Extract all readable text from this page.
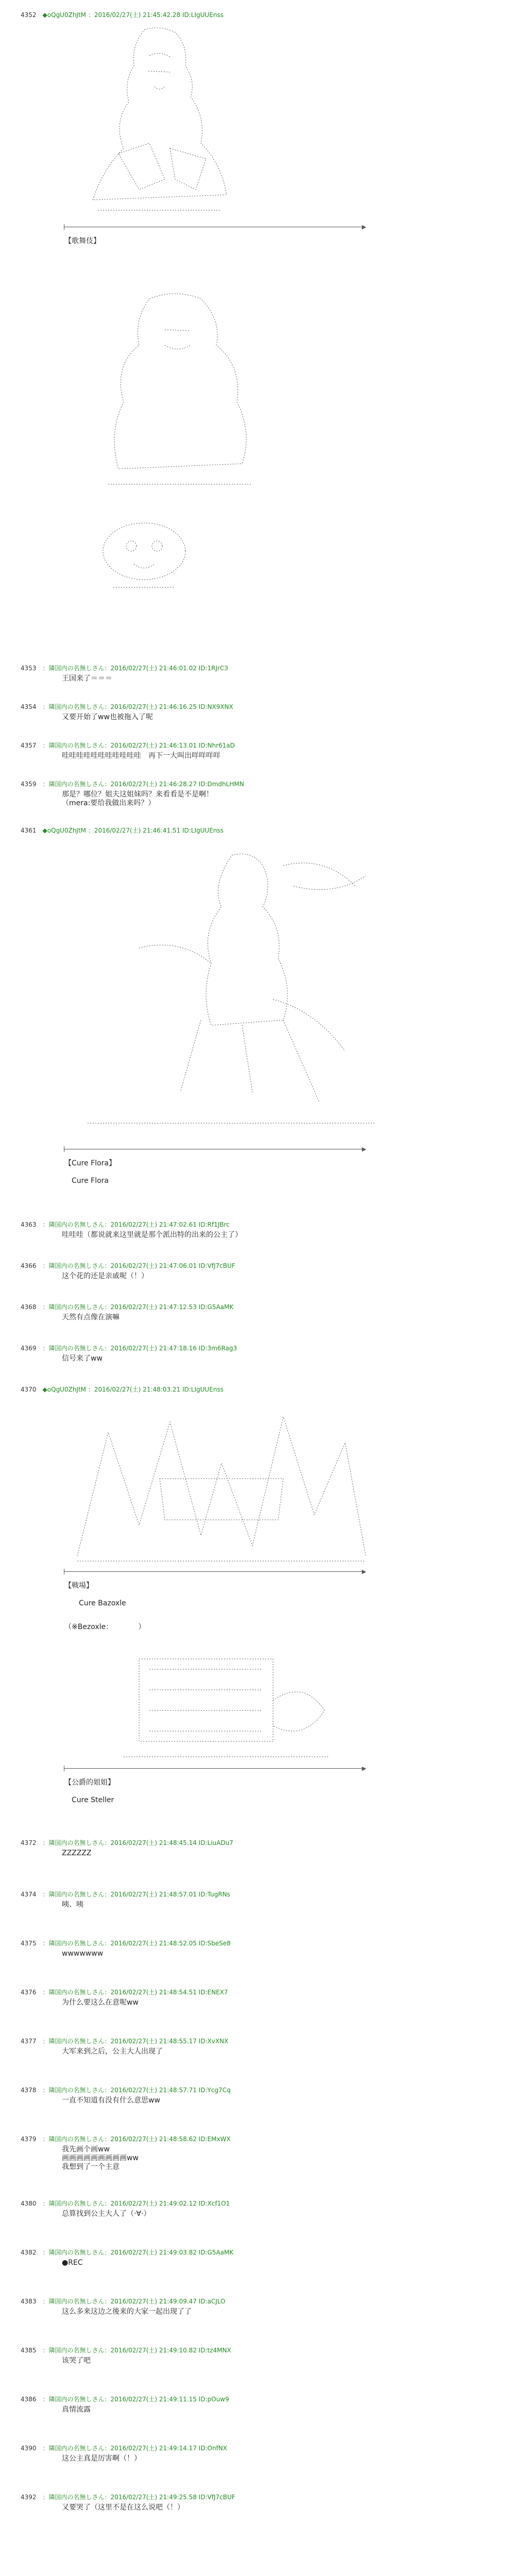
4352 ◆oQgU0ZhJtM ：2016/02/27(土) 21:45:42.28 ID:LIgUUEnss
▶
【歌舞伎】

4353 ：隣国内の名無しさん：2016/02/27(土) 21:46:01.02 ID:1RJrC3
王国来了＝＝＝
4354 ：隣国内の名無しさん：2016/02/27(土) 21:46:16.25 ID:NX9XNX
又要开始了ww也被拖入了呢
4357 ：隣国内の名無しさん：2016/02/27(土) 21:46:13.01 ID:Nhr61aD
哇哇哇哇哇哇哇哇哇哇哇　再下一大叫出咩咩咩咩
4359 ：隣国内の名無しさん：2016/02/27(土) 21:46:28.27 ID:DmdhLHMN
那是？哪位？姐夫这姐妹吗？来看看是不是啊！
（mera:要给我做出来吗？）
4361 ◆oQgU0ZhJtM ：2016/02/27(土) 21:46:41.51 ID:LIgUUEnss
▶
【Cure Flora】

　Cure Flora
4363 ：隣国内の名無しさん：2016/02/27(土) 21:47:02.61 ID:Rf1JBrc
哇哇哇（都说就来这里就是那个派出特的出来的公主了）
4366 ：隣国内の名無しさん：2016/02/27(土) 21:47:06.01 ID:VfJ7cBUF
这个花的还是亲戚呢（！）
4368 ：隣国内の名無しさん：2016/02/27(土) 21:47:12.53 ID:G5AaMK
天然有点像在演嘛
4369 ：隣国内の名無しさん：2016/02/27(土) 21:47:18.16 ID:3m6Rag3
信号来了ww
4370 ◆oQgU0ZhJtM ：2016/02/27(土) 21:48:03.21 ID:LIgUUEnss
▶
【戦場】

　　Cure Bazoxle
（※Bezoxle：　　　　）
▶
【公爵的姐姐】

　Cure Steller
4372 ：隣国内の名無しさん：2016/02/27(土) 21:48:45.14 ID:LiuADu7
ZZZZZZ
4374 ：隣国内の名無しさん：2016/02/27(土) 21:48:57.01 ID:TugRNs
咦、咦
4375 ：隣国内の名無しさん：2016/02/27(土) 21:48:52.05 ID:SbeSe8
wwwwwww
4376 ：隣国内の名無しさん：2016/02/27(土) 21:48:54.51 ID:ENEX7
为什么要这么在意呢ww
4377 ：隣国内の名無しさん：2016/02/27(土) 21:48:55.17 ID:XvXNX
大军来到之后，公主大人出现了
4378 ：隣国内の名無しさん：2016/02/27(土) 21:48:57.71 ID:Ycg7Cq
一直不知道有没有什么意思ww
4379 ：隣国内の名無しさん：2016/02/27(土) 21:48:58.62 ID:EMxWX
我先画个画ww
画画画画画画画画画ww
我想到了一个主意
4380 ：隣国内の名無しさん：2016/02/27(土) 21:49:02.12 ID:Xcf1O1
总算找到公主大人了（·∀·）
4382 ：隣国内の名無しさん：2016/02/27(土) 21:49:03.82 ID:G5AaMK
●REC
4383 ：隣国内の名無しさん：2016/02/27(土) 21:49:09.47 ID:aCJLO
这么多来这边之後来的大家一起出现了了
4385 ：隣国内の名無しさん：2016/02/27(土) 21:49:10.82 ID:tz4MNX
该哭了吧
4386 ：隣国内の名無しさん：2016/02/27(土) 21:49:11.15 ID:pOuw9
真情流露
4390 ：隣国内の名無しさん：2016/02/27(土) 21:49:14.17 ID:OnfNX
这公主真是厉害啊（！）
4392 ：隣国内の名無しさん：2016/02/27(土) 21:49:25.58 ID:VfJ7cBUF
又要哭了（这里不是在这么说吧（！）
